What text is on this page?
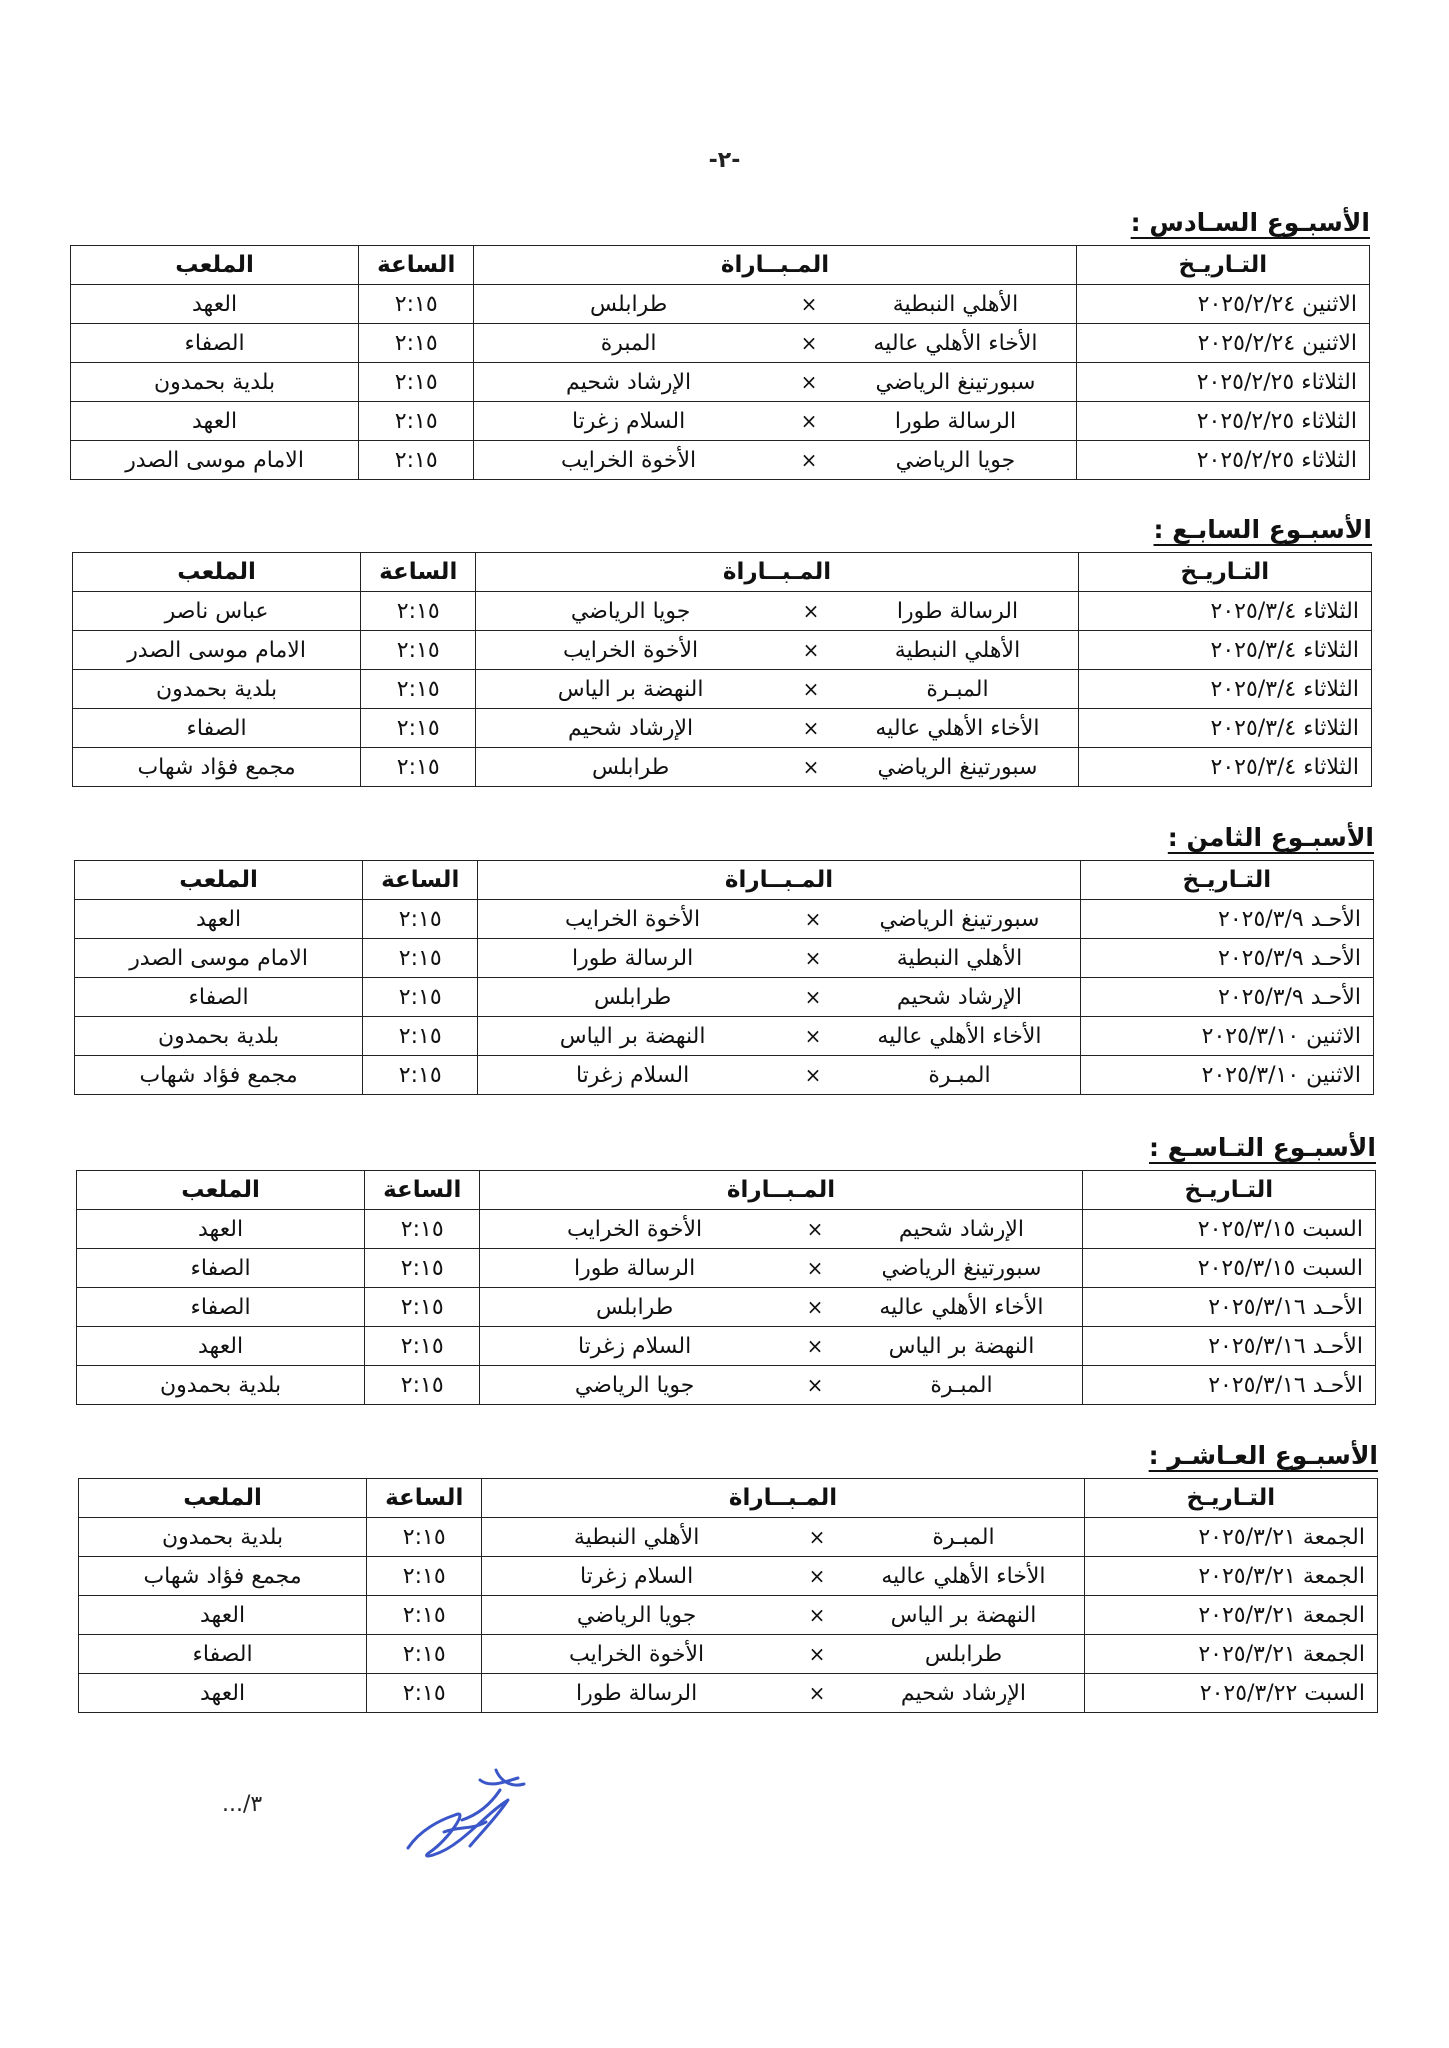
-٢-
الأسبـوع السـادس :
التـاريـخ	المـبــاراة			الساعة	الملعب
الاثنين ٢٠٢٥/٢/٢٤	الأهلي النبطية	×	طرابلس	٢:١٥	العهد
الاثنين ٢٠٢٥/٢/٢٤	الأخاء الأهلي عاليه	×	المبرة	٢:١٥	الصفاء
الثلاثاء ٢٠٢٥/٢/٢٥	سبورتينغ الرياضي	×	الإرشاد شحيم	٢:١٥	بلدية بحمدون
الثلاثاء ٢٠٢٥/٢/٢٥	الرسالة طورا	×	السلام زغرتا	٢:١٥	العهد
الثلاثاء ٢٠٢٥/٢/٢٥	جويا الرياضي	×	الأخوة الخرايب	٢:١٥	الامام موسى الصدر
الأسبـوع السابـع :
التـاريـخ	المـبــاراة			الساعة	الملعب
الثلاثاء ٢٠٢٥/٣/٤	الرسالة طورا	×	جويا الرياضي	٢:١٥	عباس ناصر
الثلاثاء ٢٠٢٥/٣/٤	الأهلي النبطية	×	الأخوة الخرايب	٢:١٥	الامام موسى الصدر
الثلاثاء ٢٠٢٥/٣/٤	المبـرة	×	النهضة بر الياس	٢:١٥	بلدية بحمدون
الثلاثاء ٢٠٢٥/٣/٤	الأخاء الأهلي عاليه	×	الإرشاد شحيم	٢:١٥	الصفاء
الثلاثاء ٢٠٢٥/٣/٤	سبورتينغ الرياضي	×	طرابلس	٢:١٥	مجمع فؤاد شهاب
الأسبـوع الثامن :
التـاريـخ	المـبــاراة			الساعة	الملعب
الأحـد ٢٠٢٥/٣/٩	سبورتينغ الرياضي	×	الأخوة الخرايب	٢:١٥	العهد
الأحـد ٢٠٢٥/٣/٩	الأهلي النبطية	×	الرسالة طورا	٢:١٥	الامام موسى الصدر
الأحـد ٢٠٢٥/٣/٩	الإرشاد شحيم	×	طرابلس	٢:١٥	الصفاء
الاثنين ٢٠٢٥/٣/١٠	الأخاء الأهلي عاليه	×	النهضة بر الياس	٢:١٥	بلدية بحمدون
الاثنين ٢٠٢٥/٣/١٠	المبـرة	×	السلام زغرتا	٢:١٥	مجمع فؤاد شهاب
الأسبـوع التـاسـع :
التـاريـخ	المـبــاراة			الساعة	الملعب
السبت ٢٠٢٥/٣/١٥	الإرشاد شحيم	×	الأخوة الخرايب	٢:١٥	العهد
السبت ٢٠٢٥/٣/١٥	سبورتينغ الرياضي	×	الرسالة طورا	٢:١٥	الصفاء
الأحـد ٢٠٢٥/٣/١٦	الأخاء الأهلي عاليه	×	طرابلس	٢:١٥	الصفاء
الأحـد ٢٠٢٥/٣/١٦	النهضة بر الياس	×	السلام زغرتا	٢:١٥	العهد
الأحـد ٢٠٢٥/٣/١٦	المبـرة	×	جويا الرياضي	٢:١٥	بلدية بحمدون
الأسبـوع العـاشـر :
التـاريـخ	المـبــاراة			الساعة	الملعب
الجمعة ٢٠٢٥/٣/٢١	المبـرة	×	الأهلي النبطية	٢:١٥	بلدية بحمدون
الجمعة ٢٠٢٥/٣/٢١	الأخاء الأهلي عاليه	×	السلام زغرتا	٢:١٥	مجمع فؤاد شهاب
الجمعة ٢٠٢٥/٣/٢١	النهضة بر الياس	×	جويا الرياضي	٢:١٥	العهد
الجمعة ٢٠٢٥/٣/٢١	طرابلس	×	الأخوة الخرايب	٢:١٥	الصفاء
السبت ٢٠٢٥/٣/٢٢	الإرشاد شحيم	×	الرسالة طورا	٢:١٥	العهد
.../٣
